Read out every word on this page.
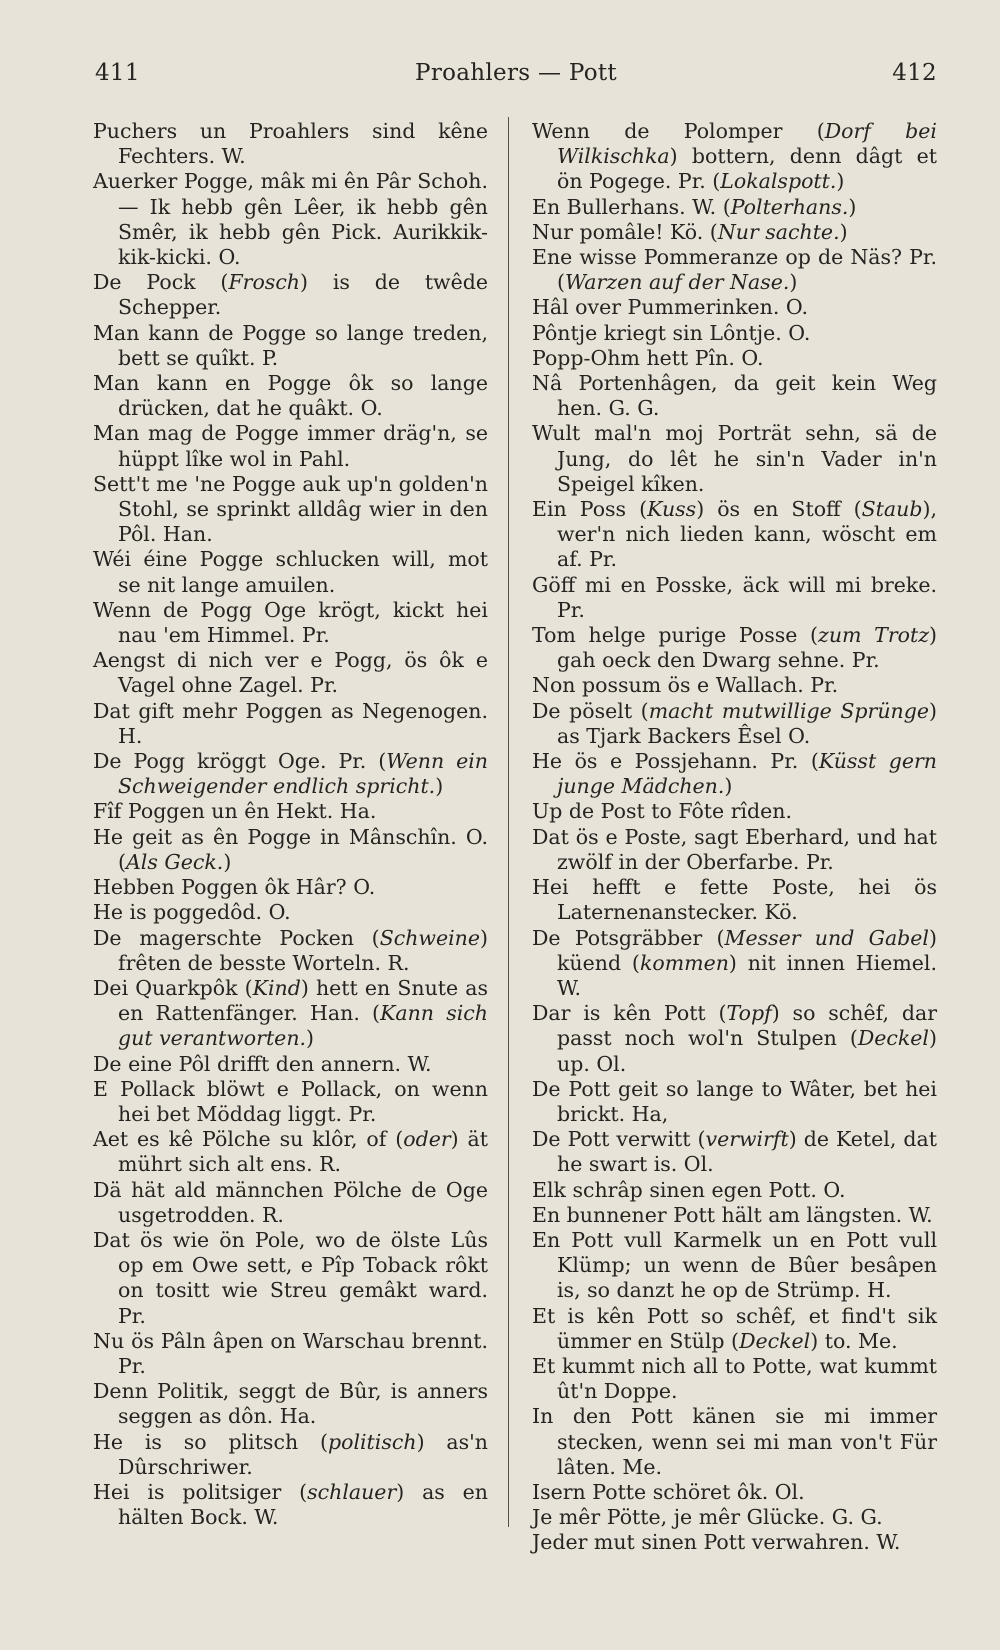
411	Proahlers — Pott	412

Puchers un Proahlers sind kêne Fechters. W.

Auerker Pogge, mâk mi ên Pâr Schoh. — Ik hebb gên Lêer, ik hebb gên Smêr, ik hebb gên Pick. Aurikkik-kik-kicki. O.

De Pock (Frosch) is de twêde Schepper.

Man kann de Pogge so lange treden, bett se quîkt. P.

Man kann en Pogge ôk so lange drücken, dat he quâkt. O.

Man mag de Pogge immer dräg'n, se hüppt lîke wol in Pahl.

Sett't me 'ne Pogge auk up'n golden'n Stohl, se sprinkt alldâg wier in den Pôl. Han.

Wéi éine Pogge schlucken will, mot se nit lange amuilen.

Wenn de Pogg Oge krögt, kickt hei nau 'em Himmel. Pr.

Aengst di nich ver e Pogg, ös ôk e Vagel ohne Zagel. Pr.

Dat gift mehr Poggen as Negenogen. H.

De Pogg kröggt Oge. Pr. (Wenn ein Schweigender endlich spricht.)

Fîf Poggen un ên Hekt. Ha.

He geit as ên Pogge in Mânschîn. O. (Als Geck.)

Hebben Poggen ôk Hâr? O.

He is poggedôd. O.

De magerschte Pocken (Schweine) frêten de besste Worteln. R.

Dei Quarkpôk (Kind) hett en Snute as en Rattenfänger. Han. (Kann sich gut verantworten.)

De eine Pôl drifft den annern. W.

E Pollack blöwt e Pollack, on wenn hei bet Möddag liggt. Pr.

Aet es kê Pölche su klôr, of (oder) ät mührt sich alt ens. R.

Dä hät ald männchen Pölche de Oge usgetrodden. R.

Dat ös wie ön Pole, wo de ölste Lûs op em Owe sett, e Pîp Toback rôkt on tositt wie Streu gemâkt ward. Pr.

Nu ös Pâln âpen on Warschau brennt. Pr.

Denn Politik, seggt de Bûr, is anners seggen as dôn. Ha.

He is so plitsch (politisch) as'n Dûrschriwer.

Hei is politsiger (schlauer) as en hälten Bock. W.

Wenn de Polomper (Dorf bei Wilkischka) bottern, denn dâgt et ön Pogege. Pr. (Lokalspott.)

En Bullerhans. W. (Polterhans.)

Nur pomâle! Kö. (Nur sachte.)

Ene wisse Pommeranze op de Näs? Pr. (Warzen auf der Nase.)

Hâl over Pummerinken. O.

Pôntje kriegt sin Lôntje. O.

Popp-Ohm hett Pîn. O.

Nâ Portenhâgen, da geit kein Weg hen. G. G.

Wult mal'n moj Porträt sehn, sä de Jung, do lêt he sin'n Vader in'n Speigel kîken.

Ein Poss (Kuss) ös en Stoff (Staub), wer'n nich lieden kann, wöscht em af. Pr.

Göff mi en Posske, äck will mi breke. Pr.

Tom helge purige Posse (zum Trotz) gah oeck den Dwarg sehne. Pr.

Non possum ös e Wallach. Pr.

De pöselt (macht mutwillige Sprünge) as Tjark Backers Êsel O.

He ös e Possjehann. Pr. (Küsst gern junge Mädchen.)

Up de Post to Fôte rîden.

Dat ös e Poste, sagt Eberhard, und hat zwölf in der Oberfarbe. Pr.

Hei hefft e fette Poste, hei ös Laternenanstecker. Kö.

De Potsgräbber (Messer und Gabel) küend (kommen) nit innen Hiemel. W.

Dar is kên Pott (Topf) so schêf, dar passt noch wol'n Stulpen (Deckel) up. Ol.

De Pott geit so lange to Wâter, bet hei brickt. Ha,

De Pott verwitt (verwirft) de Ketel, dat he swart is. Ol.

Elk schrâp sinen egen Pott. O.

En bunnener Pott hält am längsten. W.

En Pott vull Karmelk un en Pott vull Klümp; un wenn de Bûer besâpen is, so danzt he op de Strümp. H.

Et is kên Pott so schêf, et find't sik ümmer en Stülp (Deckel) to. Me.

Et kummt nich all to Potte, wat kummt ût'n Doppe.

In den Pott känen sie mi immer stecken, wenn sei mi man von't Für lâten. Me.

Isern Potte schöret ôk. Ol.

Je mêr Pötte, je mêr Glücke. G. G.

Jeder mut sinen Pott verwahren. W.
